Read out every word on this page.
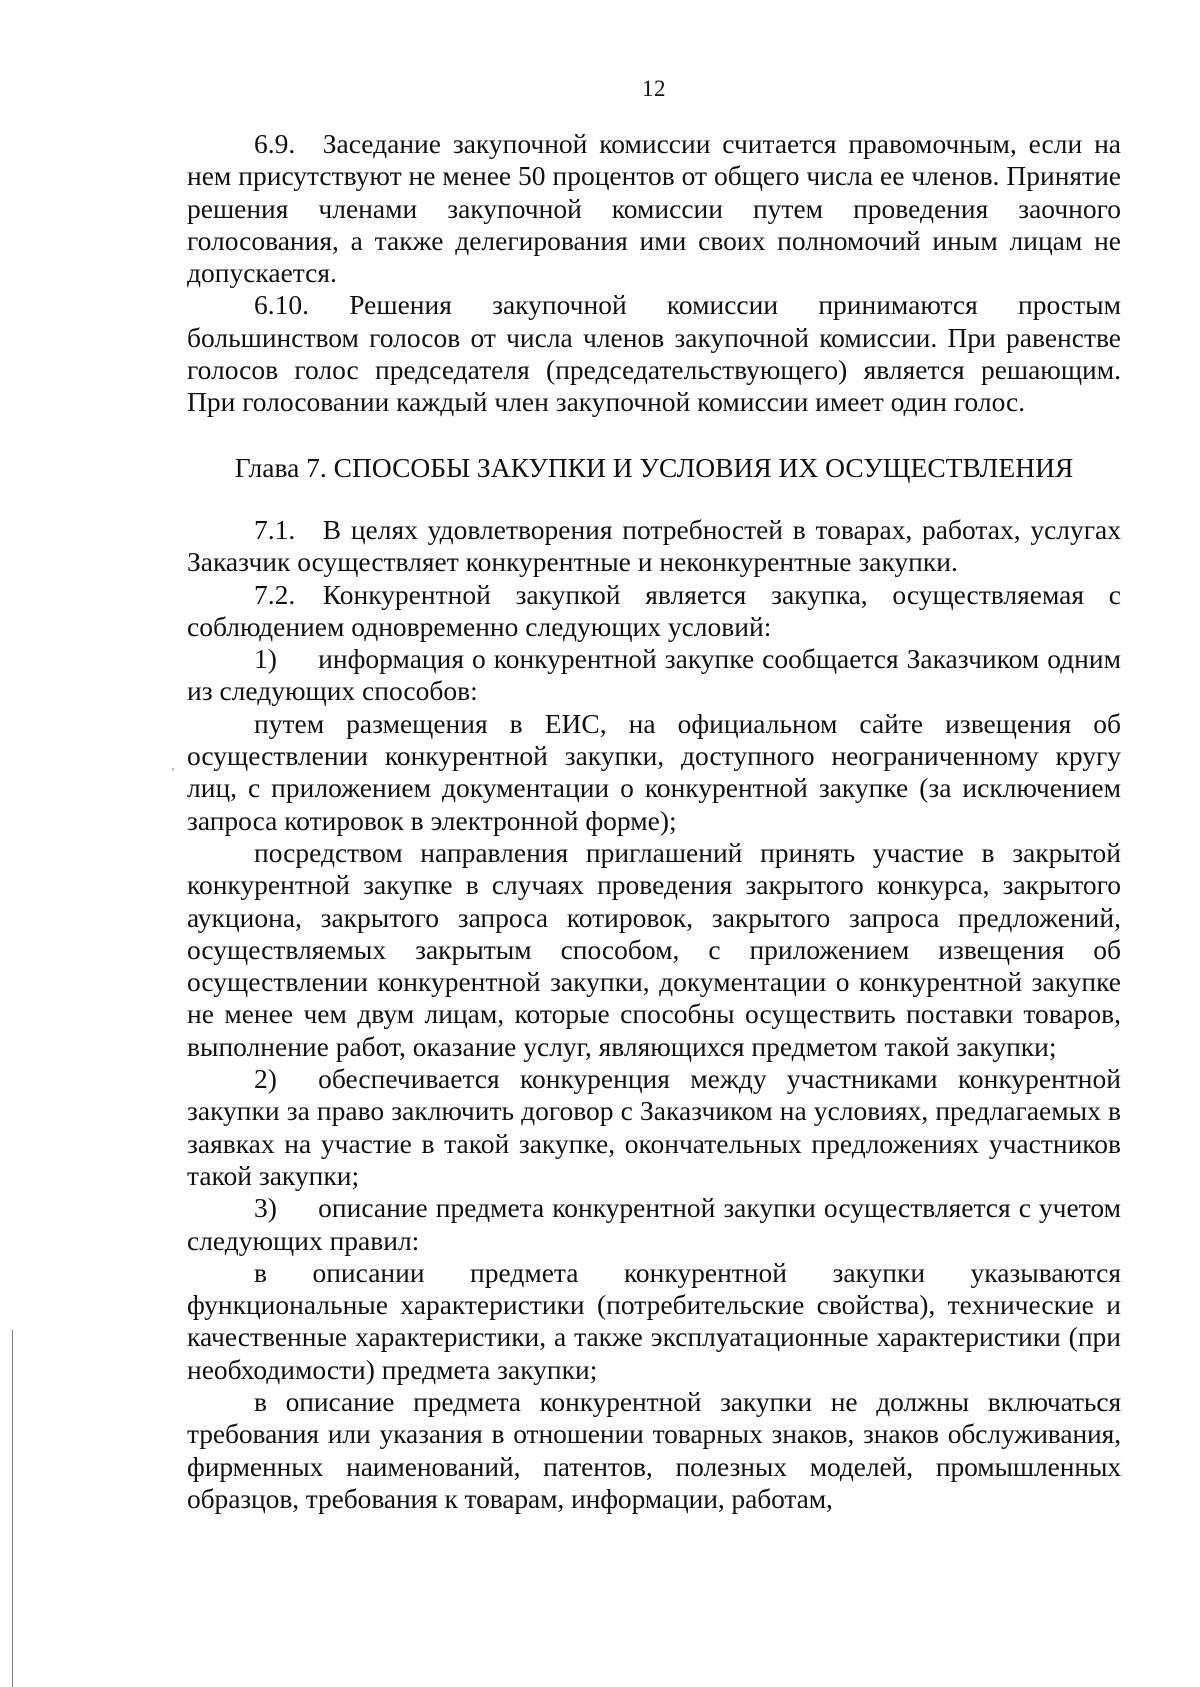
12

6.9. Заседание закупочной комиссии считается правомочным, если на нем присутствуют не менее 50 процентов от общего числа ее членов. Принятие решения членами закупочной комиссии путем проведения заочного голосования, а также делегирования ими своих полномочий иным лицам не допускается.

6.10. Решения закупочной комиссии принимаются простым большинством голосов от числа членов закупочной комиссии. При равенстве голосов голос председателя (председательствующего) является решающим. При голосовании каждый член закупочной комиссии имеет один голос.

Глава 7. СПОСОБЫ ЗАКУПКИ И УСЛОВИЯ ИХ ОСУЩЕСТВЛЕНИЯ

7.1. В целях удовлетворения потребностей в товарах, работах, услугах Заказчик осуществляет конкурентные и неконкурентные закупки.

7.2. Конкурентной закупкой является закупка, осуществляемая с соблюдением одновременно следующих условий:

1)  информация о конкурентной закупке сообщается Заказчиком одним из следующих способов:

путем размещения в ЕИС, на официальном сайте извещения об осуществлении конкурентной закупки, доступного неограниченному кругу лиц, с приложением документации о конкурентной закупке (за исключением запроса котировок в электронной форме);

посредством направления приглашений принять участие в закрытой конкурентной закупке в случаях проведения закрытого конкурса, закрытого аукциона, закрытого запроса котировок, закрытого запроса предложений, осуществляемых закрытым способом, с приложением извещения об осуществлении конкурентной закупки, документации о конкурентной закупке не менее чем двум лицам, которые способны осуществить поставки товаров, выполнение работ, оказание услуг, являющихся предметом такой закупки;

2)  обеспечивается конкуренция между участниками конкурентной закупки за право заключить договор с Заказчиком на условиях, предлагаемых в заявках на участие в такой закупке, окончательных предложениях участников такой закупки;

3)  описание предмета конкурентной закупки осуществляется с учетом следующих правил:

в описании предмета конкурентной закупки указываются функциональные характеристики (потребительские свойства), технические и качественные характеристики, а также эксплуатационные характеристики (при необходимости) предмета закупки;

в описание предмета конкурентной закупки не должны включаться требования или указания в отношении товарных знаков, знаков обслуживания, фирменных наименований, патентов, полезных моделей, промышленных образцов, требования к товарам, информации, работам,
